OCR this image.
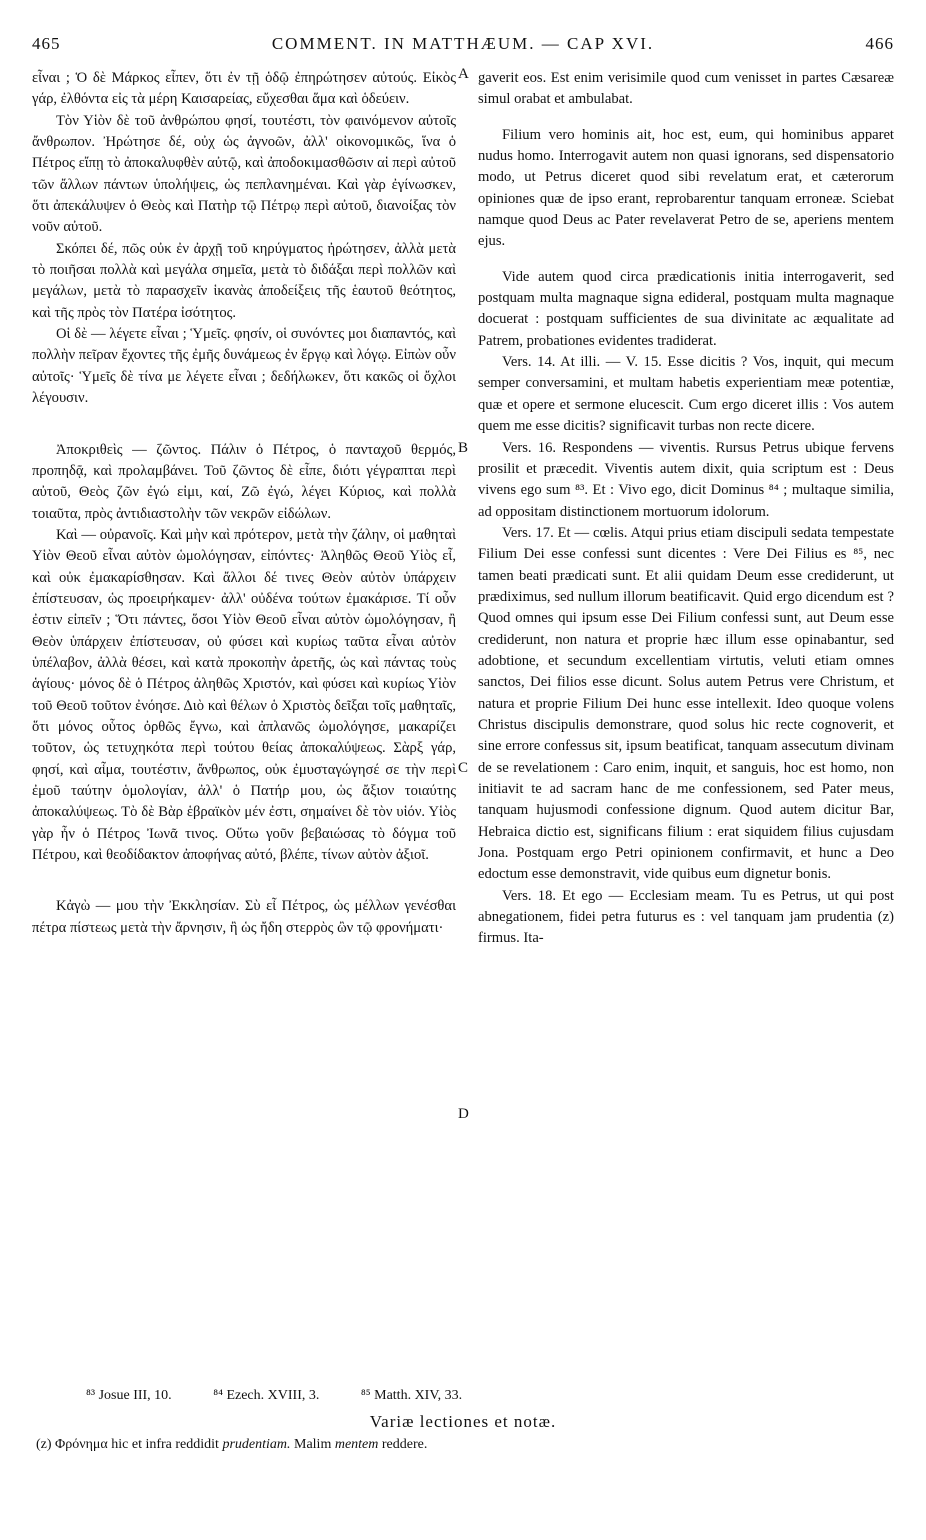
465	COMMENT. IN MATTHÆUM. — CAP XVI.	466

εἶναι ; Ὁ δὲ Μάρκος εἶπεν, ὅτι ἐν τῇ ὁδῷ ἐπηρώτησεν αὐτούς. Εἰκὸς γάρ, ἐλθόντα εἰς τὰ μέρη Καισαρείας, εὔχεσθαι ἅμα καὶ ὁδεύειν.

Τὸν Υἱὸν δὲ τοῦ ἀνθρώπου φησί, τουτέστι, τὸν φαινόμενον αὐτοῖς ἄνθρωπον. Ἠρώτησε δέ, οὐχ ὡς ἀγνοῶν, ἀλλ' οἰκονομικῶς, ἵνα ὁ Πέτρος εἴπῃ τὸ ἀποκαλυφθὲν αὐτῷ, καὶ ἀποδοκιμασθῶσιν αἱ περὶ αὐτοῦ τῶν ἄλλων πάντων ὑπολήψεις, ὡς πεπλανημέναι. Καὶ γὰρ ἐγίνωσκεν, ὅτι ἀπεκάλυψεν ὁ Θεὸς καὶ Πατὴρ τῷ Πέτρῳ περὶ αὐτοῦ, διανοίξας τὸν νοῦν αὐτοῦ.

Σκόπει δέ, πῶς οὐκ ἐν ἀρχῇ τοῦ κηρύγματος ἠρώτησεν, ἀλλὰ μετὰ τὸ ποιῆσαι πολλὰ καὶ μεγάλα σημεῖα, μετὰ τὸ διδάξαι περὶ πολλῶν καὶ μεγάλων, μετὰ τὸ παρασχεῖν ἱκανὰς ἀποδείξεις τῆς ἑαυτοῦ θεότητος, καὶ τῆς πρὸς τὸν Πατέρα ἰσότητος.

Οἱ δὲ — λέγετε εἶναι ; Ὑμεῖς. φησίν, οἱ συνόντες μοι διαπαντός, καὶ πολλὴν πεῖραν ἔχοντες τῆς ἐμῆς δυνάμεως ἐν ἔργῳ καὶ λόγῳ. Εἰπὼν οὖν αὐτοῖς· Ὑμεῖς δὲ τίνα με λέγετε εἶναι ; δεδήλωκεν, ὅτι κακῶς οἱ ὄχλοι λέγουσιν.

Ἀποκριθεὶς — ζῶντος. Πάλιν ὁ Πέτρος, ὁ πανταχοῦ θερμός, προπηδᾷ, καὶ προλαμβάνει. Τοῦ ζῶντος δὲ εἶπε, διότι γέγραπται περὶ αὐτοῦ, Θεὸς ζῶν ἐγώ εἰμι, καί, Ζῶ ἐγώ, λέγει Κύριος, καὶ πολλὰ τοιαῦτα, πρὸς ἀντιδιαστολὴν τῶν νεκρῶν εἰδώλων.

Καὶ — οὐρανοῖς. Καὶ μὴν καὶ πρότερον, μετὰ τὴν ζάλην, οἱ μαθηταὶ Υἱὸν Θεοῦ εἶναι αὐτὸν ὡμολόγησαν, εἰπόντες· Ἀληθῶς Θεοῦ Υἱὸς εἶ, καὶ οὐκ ἐμακαρίσθησαν. Καὶ ἄλλοι δέ τινες Θεὸν αὐτὸν ὑπάρχειν ἐπίστευσαν, ὡς προειρήκαμεν· ἀλλ' οὐδένα τούτων ἐμακάρισε. Τί οὖν ἐστιν εἰπεῖν ; Ὅτι πάντες, ὅσοι Υἱὸν Θεοῦ εἶναι αὐτὸν ὡμολόγησαν, ἢ Θεὸν ὑπάρχειν ἐπίστευσαν, οὐ φύσει καὶ κυρίως ταῦτα εἶναι αὐτὸν ὑπέλαβον, ἀλλὰ θέσει, καὶ κατὰ προκοπὴν ἀρετῆς, ὡς καὶ πάντας τοὺς ἁγίους· μόνος δὲ ὁ Πέτρος ἀληθῶς Χριστόν, καὶ φύσει καὶ κυρίως Υἱὸν τοῦ Θεοῦ τοῦτον ἐνόησε. Διὸ καὶ θέλων ὁ Χριστὸς δεῖξαι τοῖς μαθηταῖς, ὅτι μόνος οὗτος ὀρθῶς ἔγνω, καὶ ἀπλανῶς ὡμολόγησε, μακαρίζει τοῦτον, ὡς τετυχηκότα περὶ τούτου θείας ἀποκαλύψεως. Σὰρξ γάρ, φησί, καὶ αἷμα, τουτέστιν, ἄνθρωπος, οὐκ ἐμυσταγώγησέ σε τὴν περὶ ἐμοῦ ταύτην ὁμολογίαν, ἀλλ' ὁ Πατήρ μου, ὡς ἄξιον τοιαύτης ἀποκαλύψεως. Τὸ δὲ Βὰρ ἑβραϊκὸν μέν ἐστι, σημαίνει δὲ τὸν υἱόν. Υἱὸς γὰρ ἦν ὁ Πέτρος Ἰωνᾶ τινος. Οὕτω γοῦν βεβαιώσας τὸ δόγμα τοῦ Πέτρου, καὶ θεοδίδακτον ἀποφήνας αὐτό, βλέπε, τίνων αὐτὸν ἀξιοῖ.

Κἀγὼ — μου τὴν Ἐκκλησίαν. Σὺ εἶ Πέτρος, ὡς μέλλων γενέσθαι πέτρα πίστεως μετὰ τὴν ἄρνησιν, ἢ ὡς ἤδη στερρὸς ὢν τῷ φρονήματι·

A
B
C
D

gaverit eos. Est enim verisimile quod cum venisset in partes Cæsareæ simul orabat et ambulabat.

Filium vero hominis ait, hoc est, eum, qui hominibus apparet nudus homo. Interrogavit autem non quasi ignorans, sed dispensatorio modo, ut Petrus diceret quod sibi revelatum erat, et cæterorum opiniones quæ de ipso erant, reprobarentur tanquam erroneæ. Sciebat namque quod Deus ac Pater revelaverat Petro de se, aperiens mentem ejus.

Vide autem quod circa prædicationis initia interrogaverit, sed postquam multa magnaque signa edideral, postquam multa magnaque docuerat : postquam sufficientes de sua divinitate ac æqualitate ad Patrem, probationes evidentes tradiderat.

Vers. 14. At illi. — V. 15. Esse dicitis ? Vos, inquit, qui mecum semper conversamini, et multam habetis experientiam meæ potentiæ, quæ et opere et sermone elucescit. Cum ergo diceret illis : Vos autem quem me esse dicitis? significavit turbas non recte dicere.

Vers. 16. Respondens — viventis. Rursus Petrus ubique fervens prosilit et præcedit. Viventis autem dixit, quia scriptum est : Deus vivens ego sum ⁸³. Et : Vivo ego, dicit Dominus ⁸⁴ ; multaque similia, ad oppositam distinctionem mortuorum idolorum.

Vers. 17. Et — cœlis. Atqui prius etiam discipuli sedata tempestate Filium Dei esse confessi sunt dicentes : Vere Dei Filius es ⁸⁵, nec tamen beati prædicati sunt. Et alii quidam Deum esse crediderunt, ut prædiximus, sed nullum illorum beatificavit. Quid ergo dicendum est ? Quod omnes qui ipsum esse Dei Filium confessi sunt, aut Deum esse crediderunt, non natura et proprie hæc illum esse opinabantur, sed adobtione, et secundum excellentiam virtutis, veluti etiam omnes sanctos, Dei filios esse dicunt. Solus autem Petrus vere Christum, et natura et proprie Filium Dei hunc esse intellexit. Ideo quoque volens Christus discipulis demonstrare, quod solus hic recte cognoverit, et sine errore confessus sit, ipsum beatificat, tanquam assecutum divinam de se revelationem : Caro enim, inquit, et sanguis, hoc est homo, non initiavit te ad sacram hanc de me confessionem, sed Pater meus, tanquam hujusmodi confessione dignum. Quod autem dicitur Bar, Hebraica dictio est, significans filium : erat siquidem filius cujusdam Jona. Postquam ergo Petri opinionem confirmavit, et hunc a Deo edoctum esse demonstravit, vide quibus eum dignetur bonis.

Vers. 18. Et ego — Ecclesiam meam. Tu es Petrus, ut qui post abnegationem, fidei petra futurus es : vel tanquam jam prudentia (z) firmus. Ita-

⁸³ Josue III, 10.	⁸⁴ Ezech. XVIII, 3.	⁸⁵ Matth. XIV, 33.
Variæ lectiones et notæ.
(z) Φρόνημα hic et infra reddidit prudentiam. Malim mentem reddere.
